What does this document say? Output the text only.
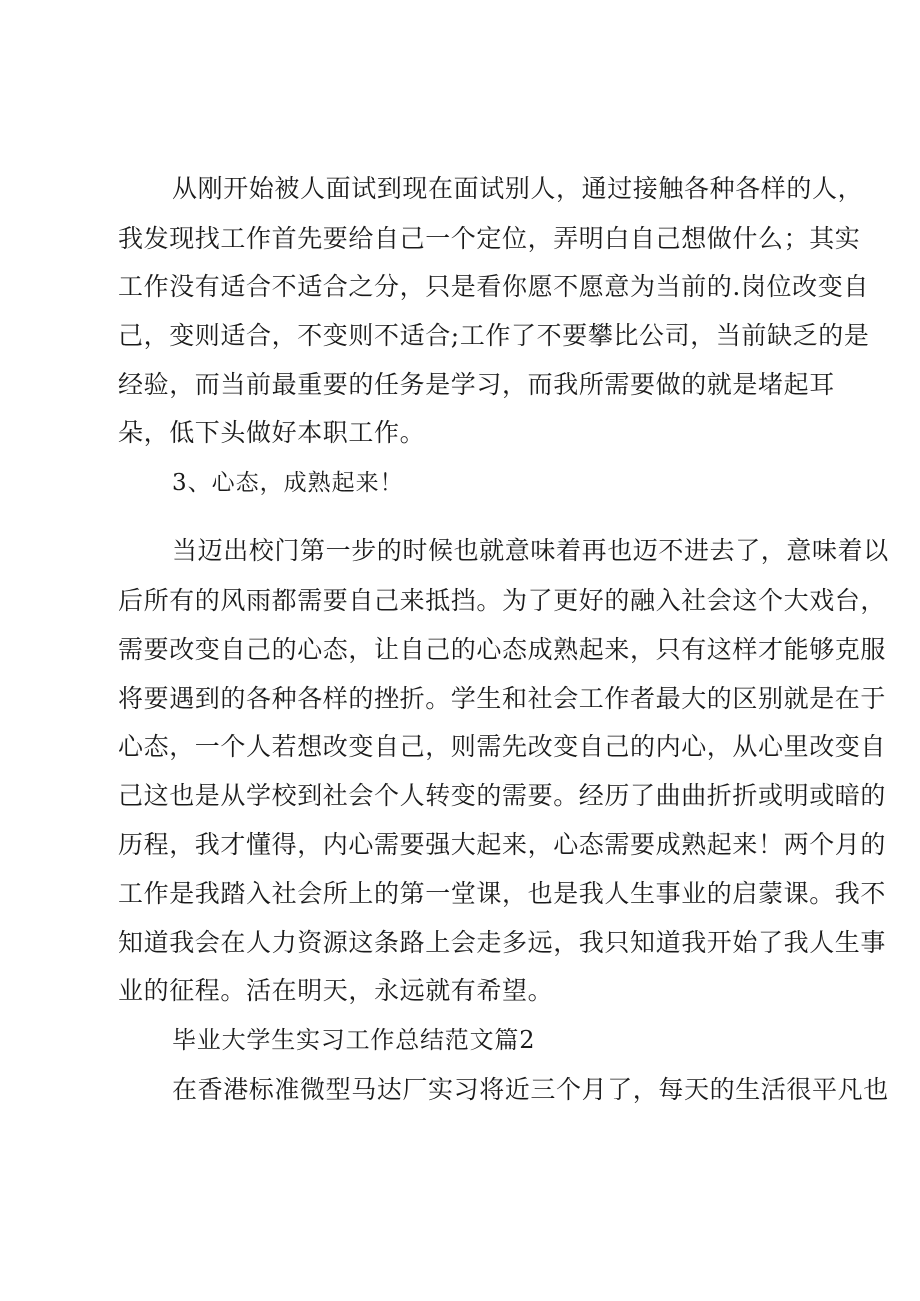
从刚开始被人面试到现在面试别人，通过接触各种各样的人，
我发现找工作首先要给自己一个定位，弄明白自己想做什么；其实
工作没有适合不适合之分，只是看你愿不愿意为当前的.岗位改变自
己，变则适合，不变则不适合;工作了不要攀比公司，当前缺乏的是
经验，而当前最重要的任务是学习，而我所需要做的就是堵起耳
朵，低下头做好本职工作。
3、心态，成熟起来！
当迈出校门第一步的时候也就意味着再也迈不进去了，意味着以
后所有的风雨都需要自己来抵挡。为了更好的融入社会这个大戏台，
需要改变自己的心态，让自己的心态成熟起来，只有这样才能够克服
将要遇到的各种各样的挫折。学生和社会工作者最大的区别就是在于
心态，一个人若想改变自己，则需先改变自己的内心，从心里改变自
己这也是从学校到社会个人转变的需要。经历了曲曲折折或明或暗的
历程，我才懂得，内心需要强大起来，心态需要成熟起来！两个月的
工作是我踏入社会所上的第一堂课，也是我人生事业的启蒙课。我不
知道我会在人力资源这条路上会走多远，我只知道我开始了我人生事
业的征程。活在明天，永远就有希望。
毕业大学生实习工作总结范文篇2
在香港标准微型马达厂实习将近三个月了，每天的生活很平凡也
